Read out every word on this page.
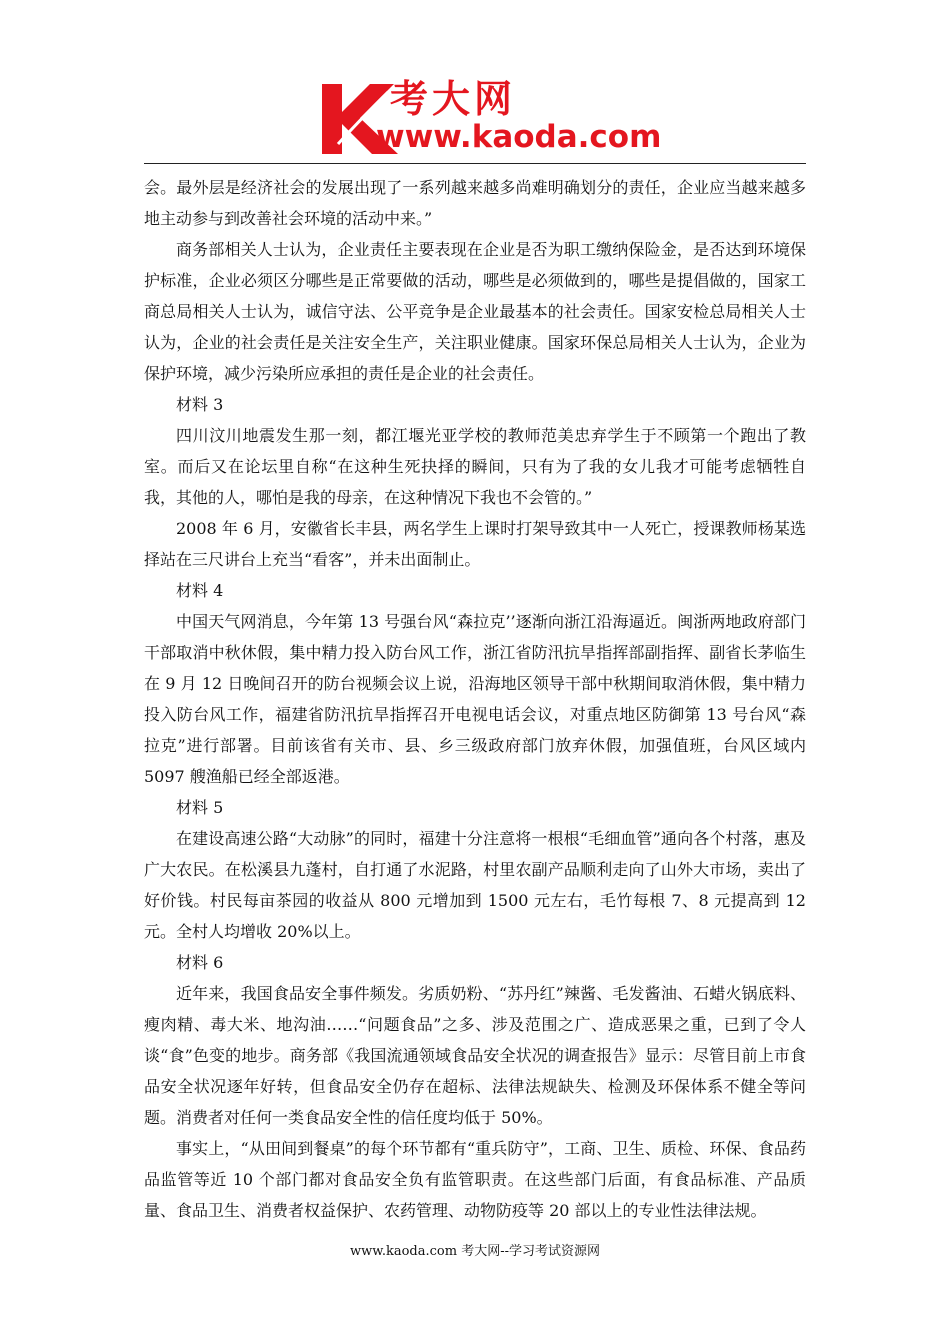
考大网
www.kaoda.com

会。最外层是经济社会的发展出现了一系列越来越多尚难明确划分的责任，企业应当越来越多地主动参与到改善社会环境的活动中来。”

商务部相关人士认为，企业责任主要表现在企业是否为职工缴纳保险金，是否达到环境保护标准，企业必须区分哪些是正常要做的活动，哪些是必须做到的，哪些是提倡做的，国家工商总局相关人士认为，诚信守法、公平竞争是企业最基本的社会责任。国家安检总局相关人士认为，企业的社会责任是关注安全生产，关注职业健康。国家环保总局相关人士认为，企业为保护环境，减少污染所应承担的责任是企业的社会责任。

材料 3

四川汶川地震发生那一刻，都江堰光亚学校的教师范美忠弃学生于不顾第一个跑出了教室。而后又在论坛里自称“在这种生死抉择的瞬间，只有为了我的女儿我才可能考虑牺牲自我，其他的人，哪怕是我的母亲，在这种情况下我也不会管的。”

2008 年 6 月，安徽省长丰县，两名学生上课时打架导致其中一人死亡，授课教师杨某选择站在三尺讲台上充当“看客”，并未出面制止。

材料 4

中国天气网消息，今年第 13 号强台风“森拉克’’逐渐向浙江沿海逼近。闽浙两地政府部门干部取消中秋休假，集中精力投入防台风工作，浙江省防汛抗旱指挥部副指挥、副省长茅临生在 9 月 12 日晚间召开的防台视频会议上说，沿海地区领导干部中秋期间取消休假，集中精力投入防台风工作，福建省防汛抗旱指挥召开电视电话会议，对重点地区防御第 13 号台风“森拉克”进行部署。目前该省有关市、县、乡三级政府部门放弃休假，加强值班，台风区域内 5097 艘渔船已经全部返港。

材料 5

在建设高速公路“大动脉”的同时，福建十分注意将一根根“毛细血管”通向各个村落，惠及广大农民。在松溪县九蓬村，自打通了水泥路，村里农副产品顺利走向了山外大市场，卖出了好价钱。村民每亩茶园的收益从 800 元增加到 1500 元左右，毛竹每根 7、8 元提高到 12 元。全村人均增收 20%以上。

材料 6

近年来，我国食品安全事件频发。劣质奶粉、“苏丹红”辣酱、毛发酱油、石蜡火锅底料、瘦肉精、毒大米、地沟油……“问题食品”之多、涉及范围之广、造成恶果之重，已到了令人谈“食”色变的地步。商务部《我国流通领域食品安全状况的调查报告》显示：尽管目前上市食品安全状况逐年好转，但食品安全仍存在超标、法律法规缺失、检测及环保体系不健全等问题。消费者对任何一类食品安全性的信任度均低于 50%。

事实上，“从田间到餐桌”的每个环节都有“重兵防守”，工商、卫生、质检、环保、食品药品监管等近 10 个部门都对食品安全负有监管职责。在这些部门后面，有食品标准、产品质量、食品卫生、消费者权益保护、农药管理、动物防疫等 20 部以上的专业性法律法规。

www.kaoda.com 考大网--学习考试资源网
